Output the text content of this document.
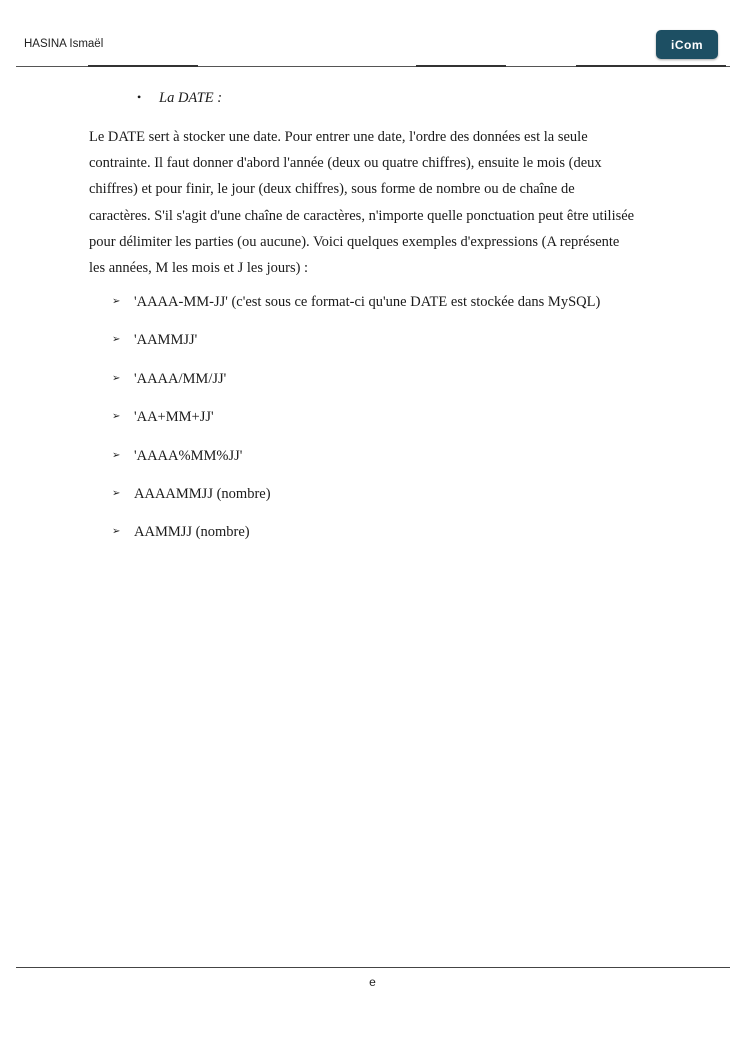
HASINA Ismaël	iCom
• La DATE :
Le DATE sert à stocker une date. Pour entrer une date, l'ordre des données est la seule
contrainte. Il faut donner d'abord l'année (deux ou quatre chiffres), ensuite le mois (deux
chiffres) et pour finir, le jour (deux chiffres), sous forme de nombre ou de chaîne de
caractères. S'il s'agit d'une chaîne de caractères, n'importe quelle ponctuation peut être utilisée
pour délimiter les parties (ou aucune). Voici quelques exemples d'expressions (A représente
les années, M les mois et J les jours) :
➢ 'AAAA-MM-JJ' (c'est sous ce format-ci qu'une DATE est stockée dans MySQL)
➢ 'AAMMJJ'
➢ 'AAAA/MM/JJ'
➢ 'AA+MM+JJ'
➢ 'AAAA%MM%JJ'
➢ AAAAMMJJ (nombre)
➢ AAMMJJ (nombre)
e
